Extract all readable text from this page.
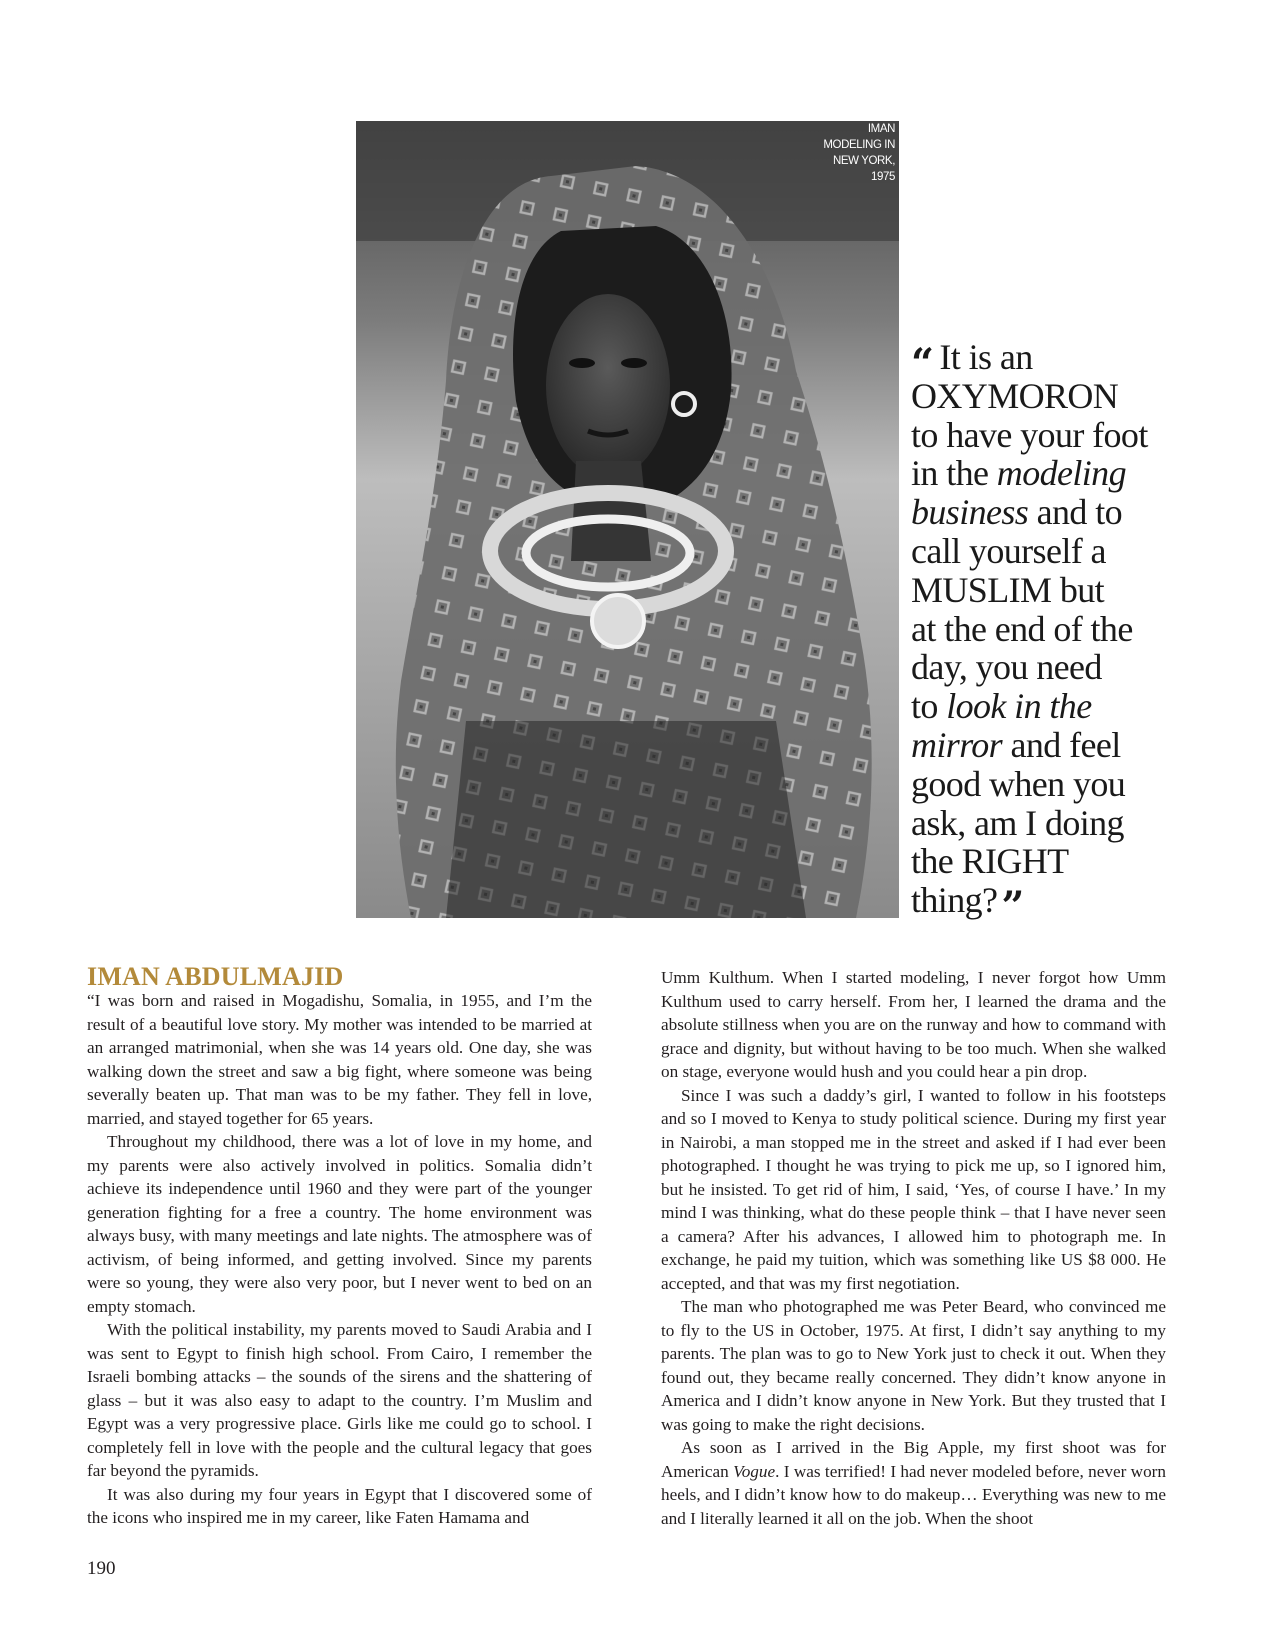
IMAN
MODELING IN
NEW YORK,
1975
“ It is an
OXYMORON
to have your foot
in the modeling
business and to
call yourself a
MUSLIM but
at the end of the
day, you need
to look in the
mirror and feel
good when you
ask, am I doing
the RIGHT
thing? ”
IMAN ABDULMAJID

“I was born and raised in Mogadishu, Somalia, in 1955, and I’m the result of a beautiful love story. My mother was intended to be married at an arranged matrimonial, when she was 14 years old. One day, she was walking down the street and saw a big fight, where someone was being severally beaten up. That man was to be my father. They fell in love, married, and stayed together for 65 years.

Throughout my childhood, there was a lot of love in my home, and my parents were also actively involved in politics. Somalia didn’t achieve its independence until 1960 and they were part of the younger generation fighting for a free a country. The home environment was always busy, with many meetings and late nights. The atmosphere was of activism, of being informed, and getting involved. Since my parents were so young, they were also very poor, but I never went to bed on an empty stomach.

With the political instability, my parents moved to Saudi Arabia and I was sent to Egypt to finish high school. From Cairo, I remember the Israeli bombing attacks – the sounds of the sirens and the shattering of glass – but it was also easy to adapt to the country. I’m Muslim and Egypt was a very progressive place. Girls like me could go to school. I completely fell in love with the people and the cultural legacy that goes far beyond the pyramids.

It was also during my four years in Egypt that I discovered some of the icons who inspired me in my career, like Faten Hamama and

Umm Kulthum. When I started modeling, I never forgot how Umm Kulthum used to carry herself. From her, I learned the drama and the absolute stillness when you are on the runway and how to command with grace and dignity, but without having to be too much. When she walked on stage, everyone would hush and you could hear a pin drop.

Since I was such a daddy’s girl, I wanted to follow in his footsteps and so I moved to Kenya to study political science. During my first year in Nairobi, a man stopped me in the street and asked if I had ever been photographed. I thought he was trying to pick me up, so I ignored him, but he insisted. To get rid of him, I said, ‘Yes, of course I have.’ In my mind I was thinking, what do these people think – that I have never seen a camera? After his advances, I allowed him to photograph me. In exchange, he paid my tuition, which was something like US $8 000. He accepted, and that was my first negotiation.

The man who photographed me was Peter Beard, who convinced me to fly to the US in October, 1975. At first, I didn’t say anything to my parents. The plan was to go to New York just to check it out. When they found out, they became really concerned. They didn’t know anyone in America and I didn’t know anyone in New York. But they trusted that I was going to make the right decisions.

As soon as I arrived in the Big Apple, my first shoot was for American Vogue. I was terrified! I had never modeled before, never worn heels, and I didn’t know how to do makeup… Everything was new to me and I literally learned it all on the job. When the shoot

190
